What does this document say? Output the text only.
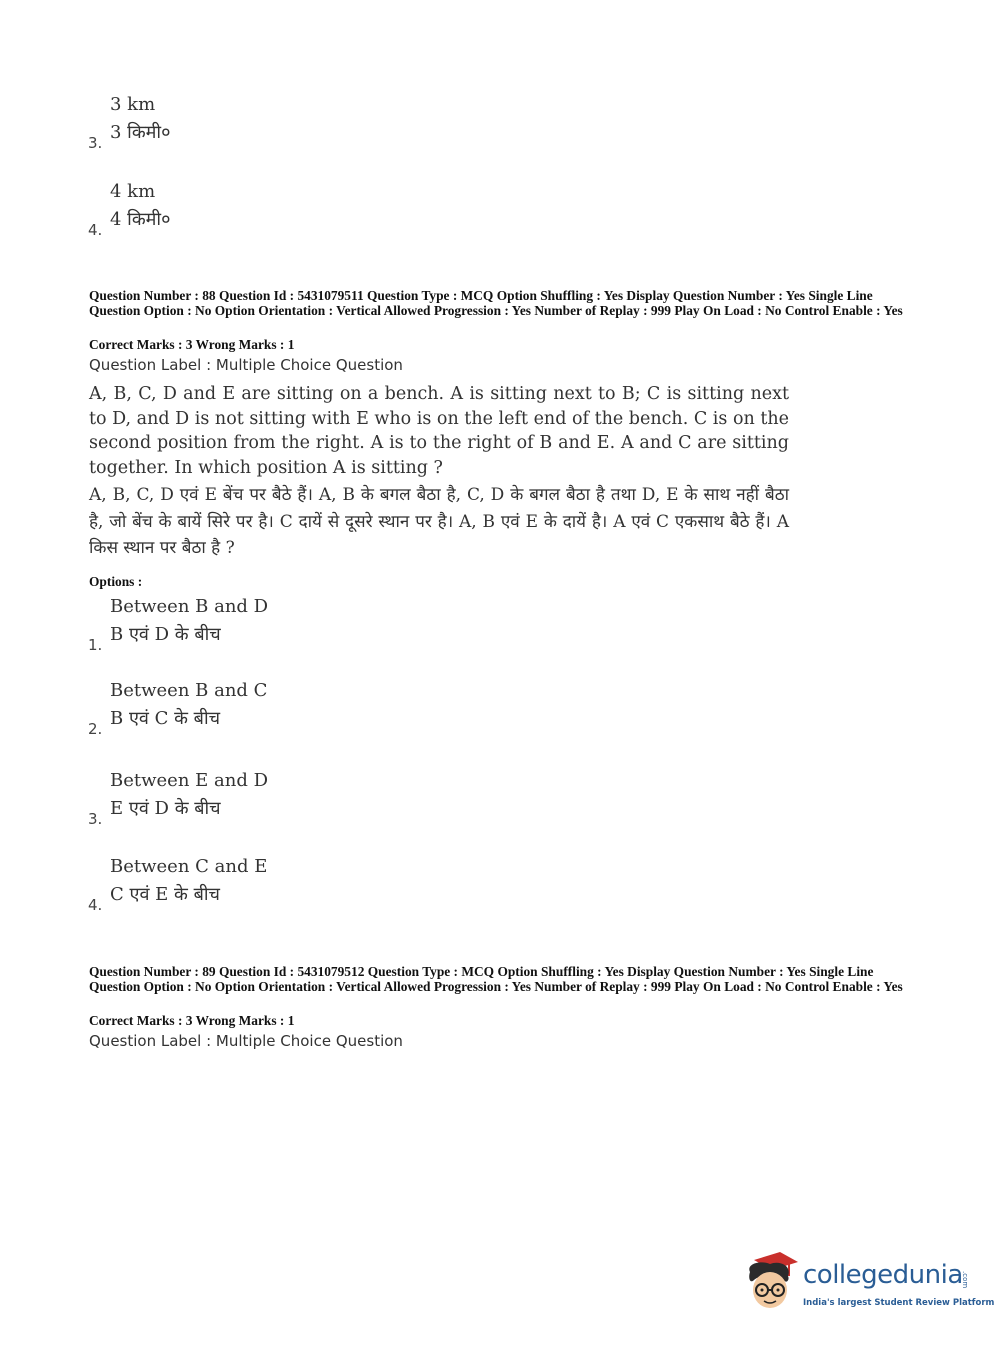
3 km
3 किमी०
3.
4 km
4 किमी०
4.
Question Number : 88 Question Id : 5431079511 Question Type : MCQ Option Shuffling : Yes Display Question Number : Yes Single Line Question Option : No Option Orientation : Vertical Allowed Progression : Yes Number of Replay : 999 Play On Load : No Control Enable : Yes
Correct Marks : 3 Wrong Marks : 1
Question Label : Multiple Choice Question
A, B, C, D and E are sitting on a bench. A is sitting next to B; C is sitting next to D, and D is not sitting with E who is on the left end of the bench. C is on the second position from the right. A is to the right of B and E. A and C are sitting together. In which position A is sitting ?
A, B, C, D एवं E बेंच पर बैठे हैं। A, B के बगल बैठा है, C, D के बगल बैठा है तथा D, E के साथ नहीं बैठा है, जो बेंच के बायें सिरे पर है। C दायें से दूसरे स्थान पर है। A, B एवं E के दायें है। A एवं C एकसाथ बैठे हैं। A किस स्थान पर बैठा है ?
Options :
Between B and D
B एवं D के बीच
1.
Between B and C
B एवं C के बीच
2.
Between E and D
E एवं D के बीच
3.
Between C and E
C एवं E के बीच
4.
Question Number : 89 Question Id : 5431079512 Question Type : MCQ Option Shuffling : Yes Display Question Number : Yes Single Line Question Option : No Option Orientation : Vertical Allowed Progression : Yes Number of Replay : 999 Play On Load : No Control Enable : Yes
Correct Marks : 3 Wrong Marks : 1
Question Label : Multiple Choice Question
collegedunia
.com
India's largest Student Review Platform
